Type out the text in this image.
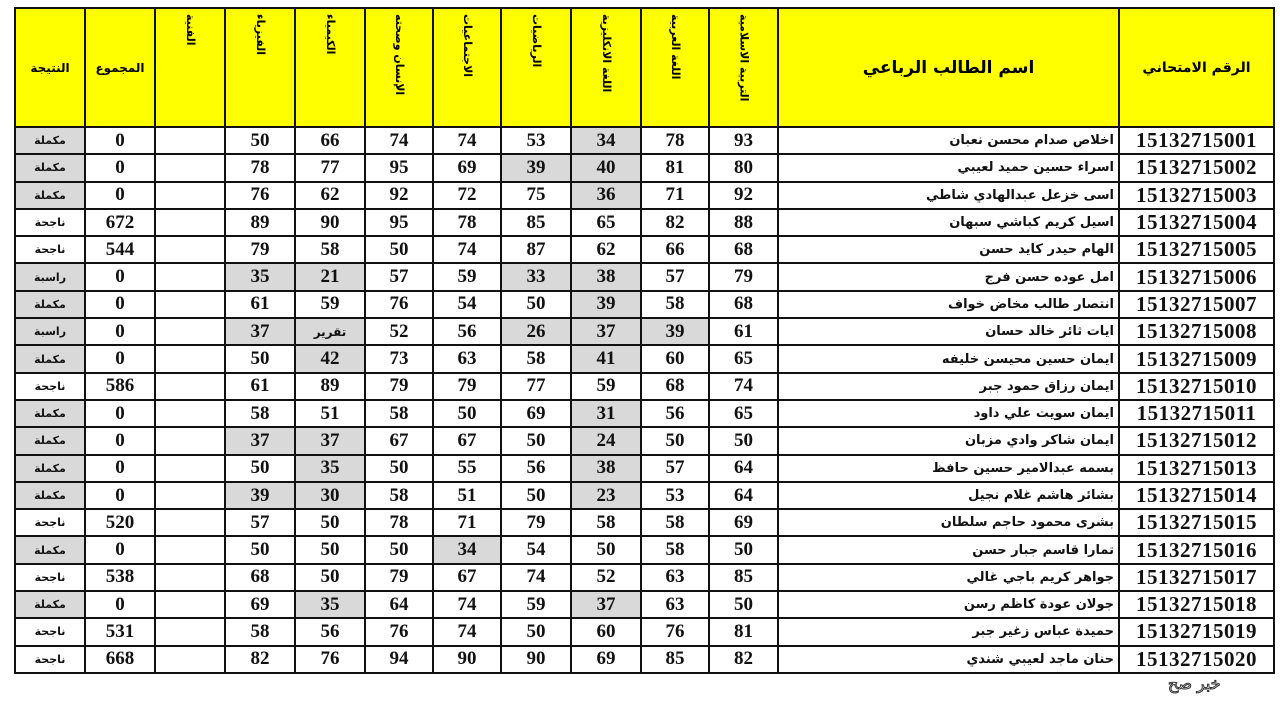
النتيجة	المجموع	الفنية	الفيزياء	الكيمياء	الإنسان وصحته	الاجتماعيات	الرياضيات	اللغة الانكليزية	اللغة العربية	التربية الاسلامية	اسم الطالب الرباعي	الرقم الامتحاني
مكملة	0		50	66	74	74	53	34	78	93	اخلاص صدام محسن نعبان	15132715001
مكملة	0		78	77	95	69	39	40	81	80	اسراء حسين حميد لعيبي	15132715002
مكملة	0		76	62	92	72	75	36	71	92	اسى خزعل عبدالهادي شاطي	15132715003
ناجحة	672		89	90	95	78	85	65	82	88	اسيل كريم كباشي سبهان	15132715004
ناجحة	544		79	58	50	74	87	62	66	68	الهام حيدر كايد حسن	15132715005
راسبة	0		35	21	57	59	33	38	57	79	امل عوده حسن فرج	15132715006
مكملة	0		61	59	76	54	50	39	58	68	انتصار طالب مخاض خواف	15132715007
راسبة	0		37	تقرير	52	56	26	37	39	61	ايات ثائر خالد حسان	15132715008
مكملة	0		50	42	73	63	58	41	60	65	ايمان حسين محيسن خليفه	15132715009
ناجحة	586		61	89	79	79	77	59	68	74	ايمان رزاق حمود جبر	15132715010
مكملة	0		58	51	58	50	69	31	56	65	ايمان سويت علي داود	15132715011
مكملة	0		37	37	67	67	50	24	50	50	ايمان شاكر وادي مزبان	15132715012
مكملة	0		50	35	50	55	56	38	57	64	بسمه عبدالامير حسين حافظ	15132715013
مكملة	0		39	30	58	51	50	23	53	64	بشائر هاشم غلام نجيل	15132715014
ناجحة	520		57	50	78	71	79	58	58	69	بشرى محمود حاجم سلطان	15132715015
مكملة	0		50	50	50	34	54	50	58	50	تمارا قاسم جبار حسن	15132715016
ناجحة	538		68	50	79	67	74	52	63	85	جواهر كريم باجي غالي	15132715017
مكملة	0		69	35	64	74	59	37	63	50	جولان عودة كاظم رسن	15132715018
ناجحة	531		58	56	76	74	50	60	76	81	حميدة عباس زغير جبر	15132715019
ناجحة	668		82	76	94	90	90	69	85	82	حنان ماجد لعيبي شندي	15132715020
خبر صح
